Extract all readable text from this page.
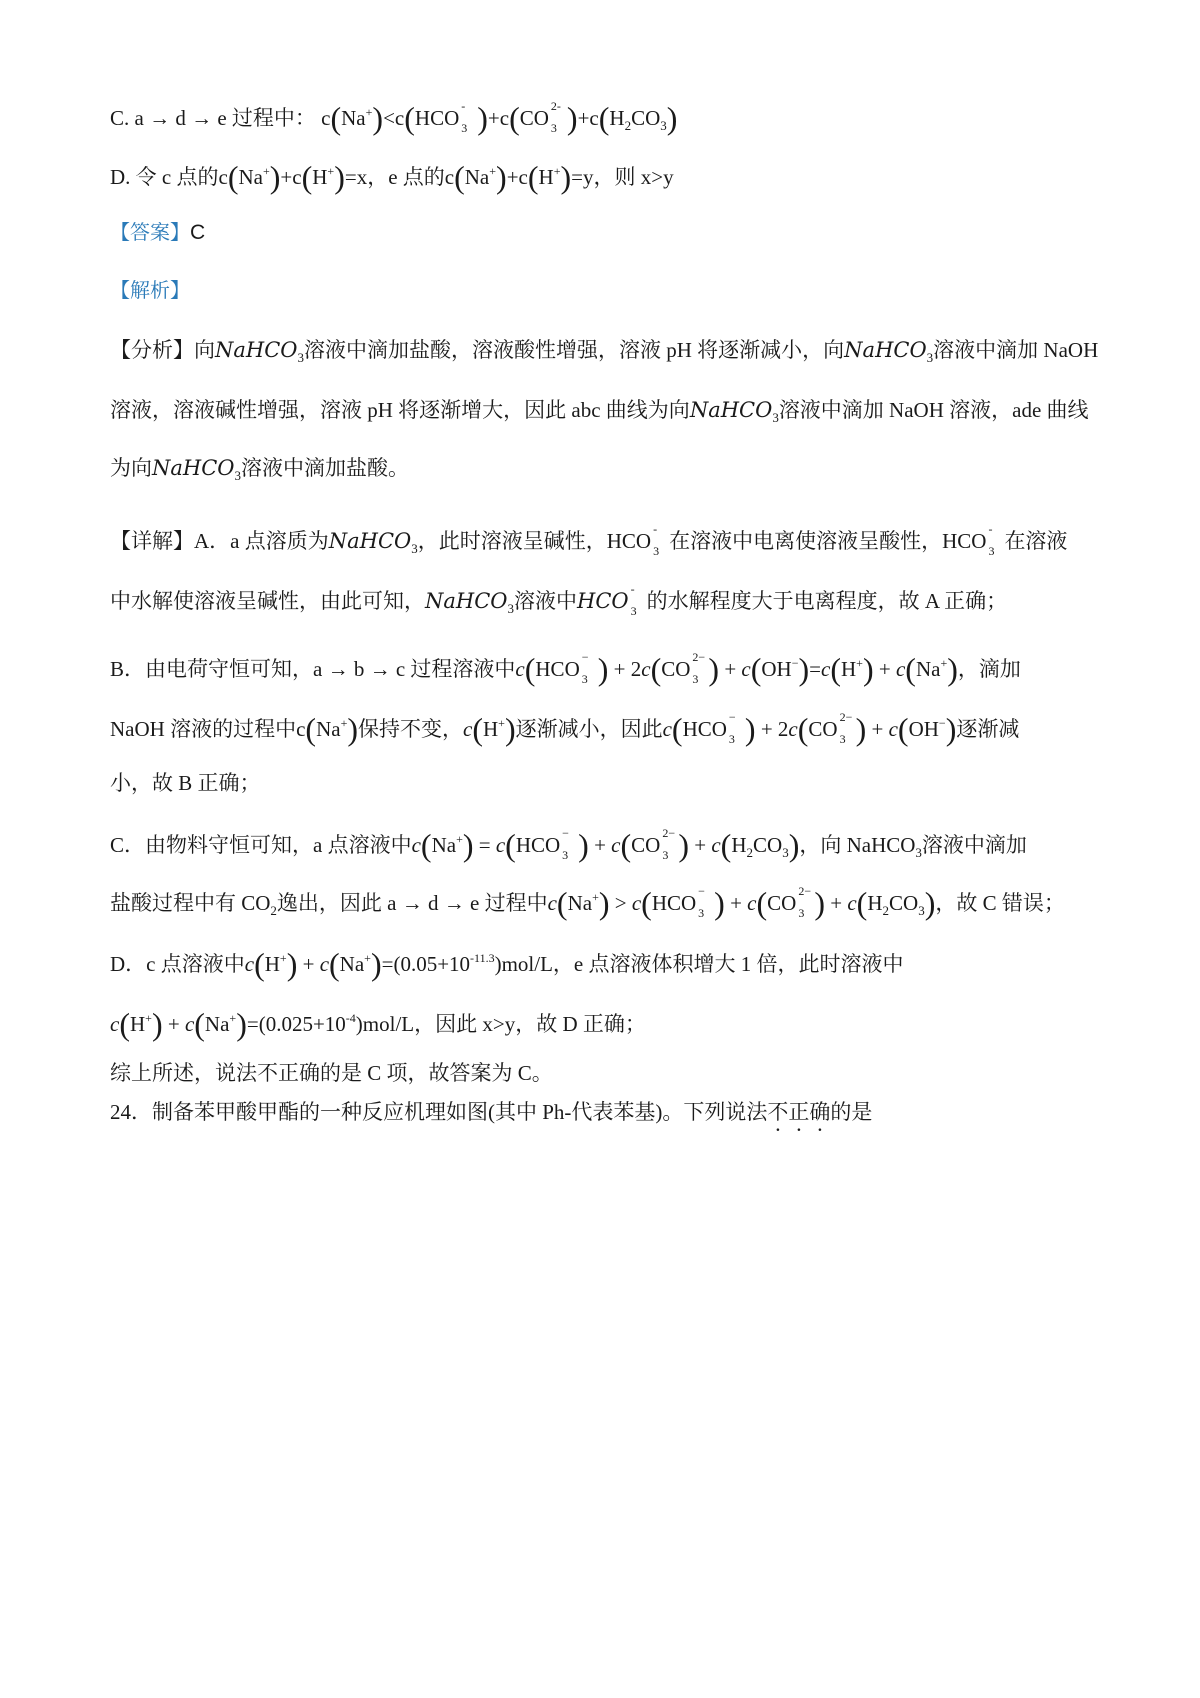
C. a → d → e 过程中： c(Na+)<c(HCO -
3 )+c(CO 2-
3 )$+c(H_2CO_3)$
D. 令 c 点的c(Na+)+c(H+)=x，e 点的c(Na+)+c(H+)=y，则 x>y
【答案】C
【解析】
【分析】向NaHCO$_3$溶液中滴加盐酸，溶液酸性增强，溶液 pH 将逐渐减小，向NaHCO$_3$溶液中滴加 NaOH
溶液，溶液碱性增强，溶液 pH 将逐渐增大，因此 abc 曲线为向NaHCO$_3$溶液中滴加 NaOH 溶液，ade 曲线
为向NaHCO$_3$溶液中滴加盐酸。
【详解】A．a 点溶质为NaHCO$_3$，此时溶液呈碱性，HCO -
3 在溶液中电离使溶液呈酸性，HCO -
3 在溶液
中水解使溶液呈碱性，由此可知，NaHCO$_3$溶液中HCO -
3 的水解程度大于电离程度，故 A 正确；
B．由电荷守恒可知，a → b → c 过程溶液中c(HCO −
3 ) + 2c(CO 2−
3 ) + c(OH−)=c(H+) + c(Na+)，滴加
NaOH 溶液的过程中c(Na+)保持不变，c(H+)逐渐减小，因此c(HCO −
3 ) + 2c(CO 2−
3 ) + c(OH−)逐渐减
小，故 B 正确；
C．由物料守恒可知，a 点溶液中c(Na+) = c(HCO −
3 ) + c(CO 2−
3 ) + $c(H_2CO_3)$，向 NaHCO$_3$溶液中滴加
盐酸过程中有 $CO_2$逸出，因此 a → d → e 过程中c(Na+) > c(HCO −
3 ) + c(CO 2−
3 ) + $c(H_2CO_3)$，故 C 错误；
D．c 点溶液中$c(H^+) + c(Na^+)=(0.05+10^{-11.3})mol/L$，e 点溶液体积增大 1 倍，此时溶液中
$c(H^+) + c(Na^+)=(0.025+10^{-4})mol/L$，因此 x>y，故 D 正确；
综上所述，说法不正确的是 C 项，故答案为 C。
24．制备苯甲酸甲酯的一种反应机理如图(其中 Ph-代表苯基)。下列说法不正确的是
